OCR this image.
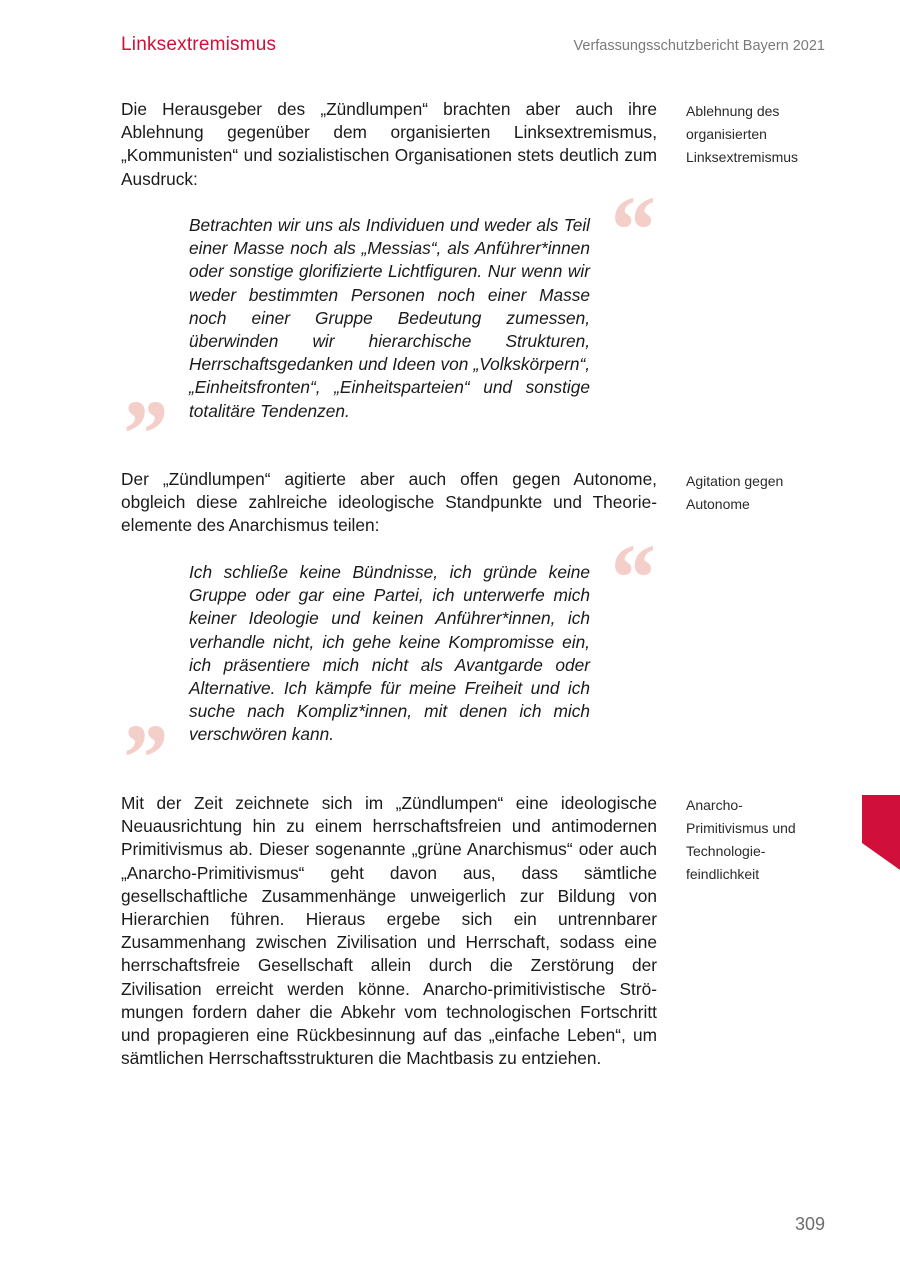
Linksextremismus	Verfassungsschutzbericht Bayern 2021

Die Herausgeber des „Zündlumpen“ brachten aber auch ihre Ablehnung gegenüber dem organisierten Linksextremismus, „Kommunisten“ und sozialistischen Organisationen stets deutlich zum Ausdruck:

Ablehnung des organisierten Linksextremismus

“

Betrachten wir uns als Individuen und weder als Teil einer Masse noch als „Messias“, als Anführer*innen oder sonstige glorifizierte Lichtfiguren. Nur wenn wir weder bestimmten Personen noch einer Masse noch einer Gruppe Bedeutung zumessen, überwinden wir hierarchische Strukturen, Herrschaftsgedanken und Ideen von „Volkskörpern“, „Einheitsfronten“, „Einheitsparteien“ und sonstige totalitäre Tendenzen.

”

Der „Zündlumpen“ agitierte aber auch offen gegen Autonome, obgleich diese zahlreiche ideologische Standpunkte und Theorieelemente des Anarchismus teilen:

Agitation gegen Autonome

“

Ich schließe keine Bündnisse, ich gründe keine Gruppe oder gar eine Partei, ich unterwerfe mich keiner Ideologie und keinen Anführer*innen, ich verhandle nicht, ich gehe keine Kompromisse ein, ich präsentiere mich nicht als Avantgarde oder Alternative. Ich kämpfe für meine Freiheit und ich suche nach Kompliz*innen, mit denen ich mich verschwören kann.

”

Mit der Zeit zeichnete sich im „Zündlumpen“ eine ideologische Neuausrichtung hin zu einem herrschaftsfreien und antimodernen Primitivismus ab. Dieser sogenannte „grüne Anarchismus“ oder auch „Anarcho-Primitivismus“ geht davon aus, dass sämtliche gesellschaftliche Zusammenhänge unweigerlich zur Bildung von Hierarchien führen. Hieraus ergebe sich ein untrennbarer Zusammenhang zwischen Zivilisation und Herrschaft, sodass eine herrschaftsfreie Gesellschaft allein durch die Zerstörung der Zivilisation erreicht werden könne. Anarcho-primitivistische Strömungen fordern daher die Abkehr vom technologischen Fortschritt und propagieren eine Rückbesinnung auf das „einfache Leben“, um sämtlichen Herrschaftsstrukturen die Machtbasis zu entziehen.

Anarcho-Primitivismus und Technologiefeindlichkeit

309
